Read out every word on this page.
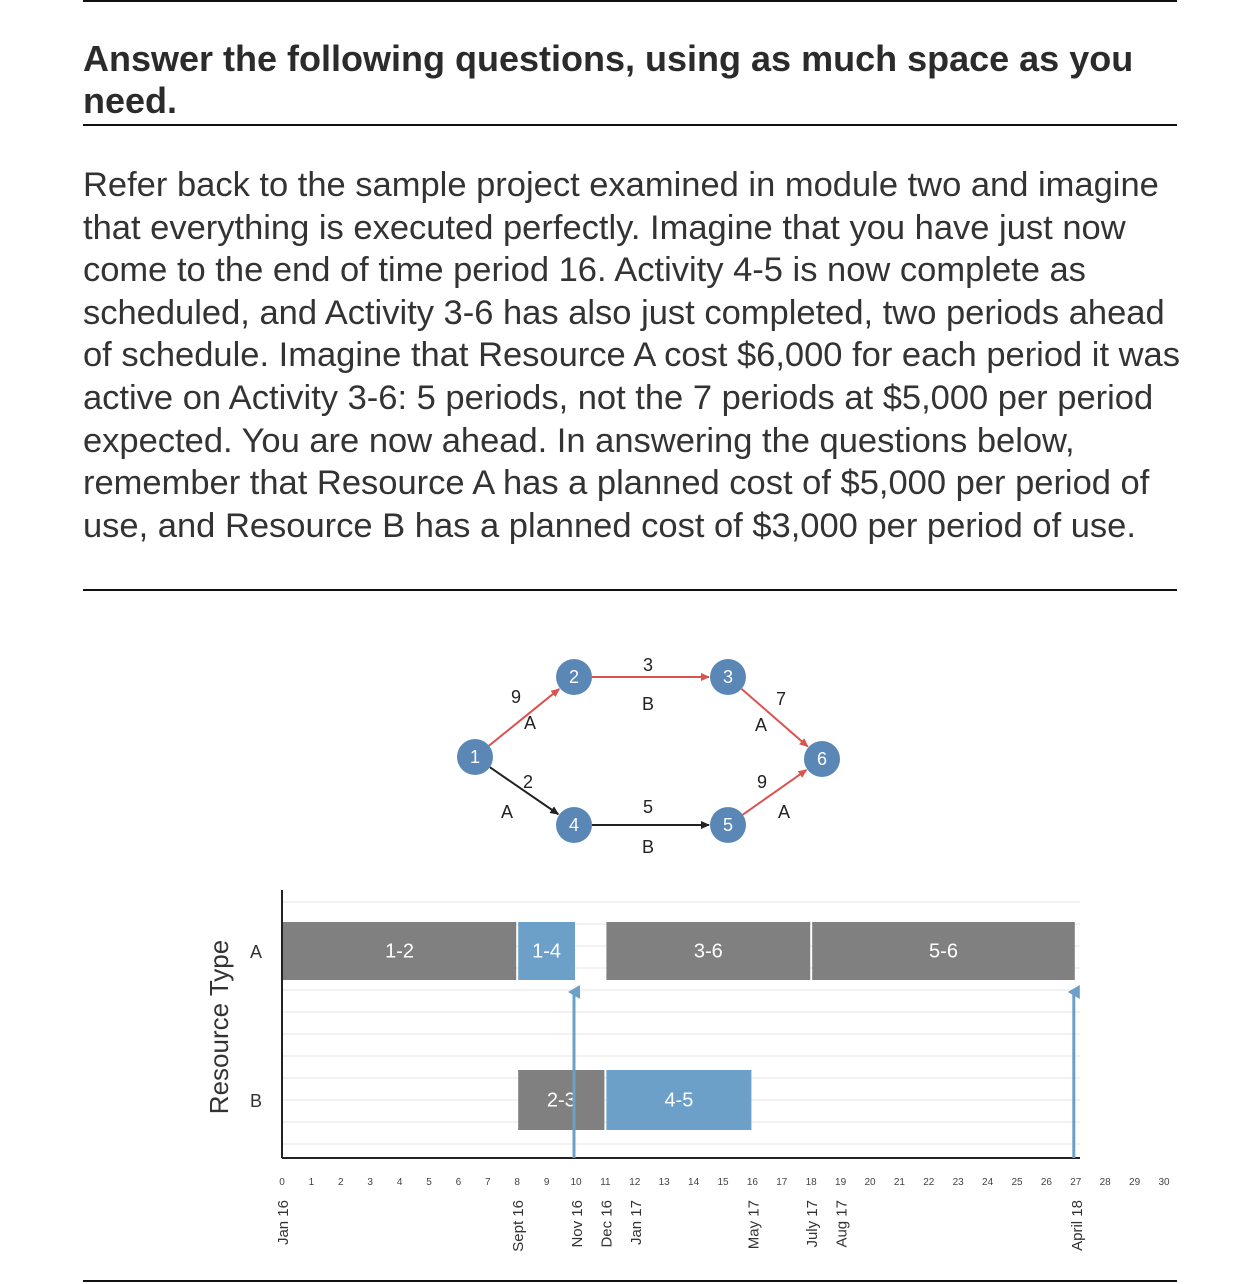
Answer the following questions, using as much space as you need.

Refer back to the sample project examined in module two and imagine that everything is executed perfectly. Imagine that you have just now come to the end of time period 16. Activity 4-5 is now complete as scheduled, and Activity 3-6 has also just completed, two periods ahead of schedule. Imagine that Resource A cost $6,000 for each period it was active on Activity 3-6: 5 periods, not the 7 periods at $5,000 per period expected. You are now ahead. In answering the questions below, remember that Resource A has a planned cost of $5,000 per period of use, and Resource B has a planned cost of $3,000 per period of use.

9
A
2
A
3
B
5
B
7
A
9
A
1
2	3
4	5
6
Resource Type A
B
1-2	1-4	3-6	5-6
2-3	4-5
0 1 2 3 4 5 6 7 8 9 10 11 12 13 14 15 16 17 18 19 20 21 22 23 24 25 26 27 28 29 30
Jan 16	Sept 16	Nov 16 Dec 16 Jan 17	May 17	July 17 Aug 17	April 18
